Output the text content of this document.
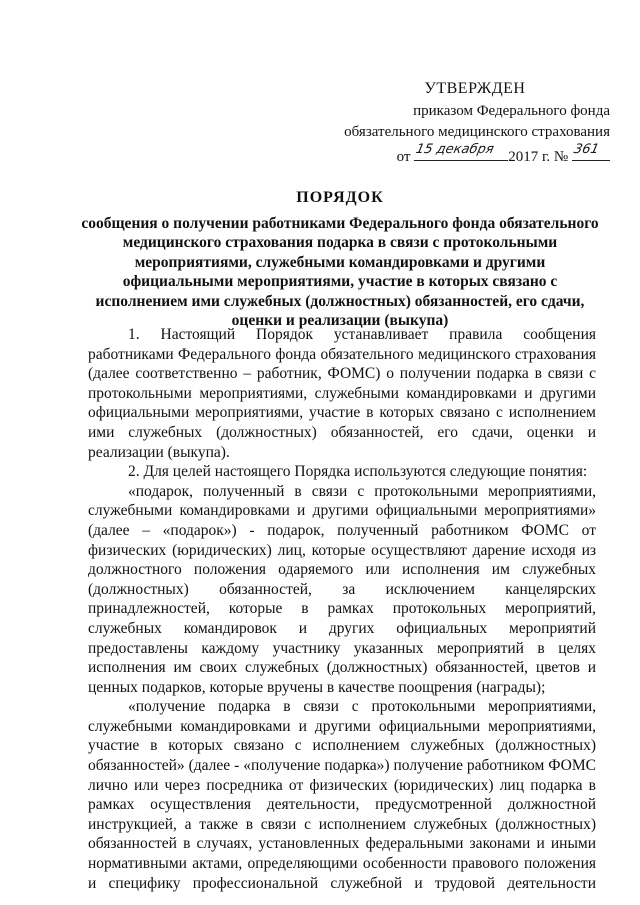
УТВЕРЖДЕН
приказом Федерального фонда
обязательного медицинского страхования
от 15 декабря 2017 г. № 361
ПОРЯДОК
сообщения о получении работниками Федерального фонда обязательного медицинского страхования подарка в связи с протокольными мероприятиями, служебными командировками и другими официальными мероприятиями, участие в которых связано с исполнением ими служебных (должностных) обязанностей, его сдачи, оценки и реализации (выкупа)

1. Настоящий Порядок устанавливает правила сообщения работниками Федерального фонда обязательного медицинского страхования (далее соответственно – работник, ФОМС) о получении подарка в связи с протокольными мероприятиями, служебными командировками и другими официальными мероприятиями, участие в которых связано с исполнением ими служебных (должностных) обязанностей, его сдачи, оценки и реализации (выкупа).

2. Для целей настоящего Порядка используются следующие понятия:

«подарок, полученный в связи с протокольными мероприятиями, служебными командировками и другими официальными мероприятиями» (далее – «подарок») - подарок, полученный работником ФОМС от физических (юридических) лиц, которые осуществляют дарение исходя из должностного положения одаряемого или исполнения им служебных (должностных) обязанностей, за исключением канцелярских принадлежностей, которые в рамках протокольных мероприятий, служебных командировок и других официальных мероприятий предоставлены каждому участнику указанных мероприятий в целях исполнения им своих служебных (должностных) обязанностей, цветов и ценных подарков, которые вручены в качестве поощрения (награды);

«получение подарка в связи с протокольными мероприятиями, служебными командировками и другими официальными мероприятиями, участие в которых связано с исполнением служебных (должностных) обязанностей» (далее - «получение подарка») получение работником ФОМС лично или через посредника от физических (юридических) лиц подарка в рамках осуществления деятельности, предусмотренной должностной инструкцией, а также в связи с исполнением служебных (должностных) обязанностей в случаях, установленных федеральными законами и иными нормативными актами, определяющими особенности правового положения и специфику профессиональной служебной и трудовой деятельности
